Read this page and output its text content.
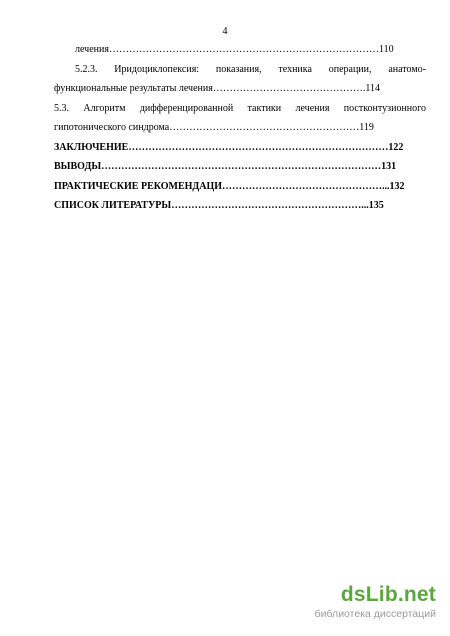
4
лечения………………………………………………………………………110
5.2.3. Иридоциклопексия: показания, техника операции, анатомо-
функциональные результаты лечения……………………………………….114
5.3. Алгоритм дифференцированной тактики лечения постконтузионного
гипотонического синдрома…………………………………………………119
ЗАКЛЮЧЕНИЕ……………………………………………………………………122
ВЫВОДЫ…………………………………………………………………………131
ПРАКТИЧЕСКИЕ РЕКОМЕНДАЦИ…………………………………………...132
СПИСОК ЛИТЕРАТУРЫ…………………………………………………...135
dsLib.net
библиотека диссертаций
